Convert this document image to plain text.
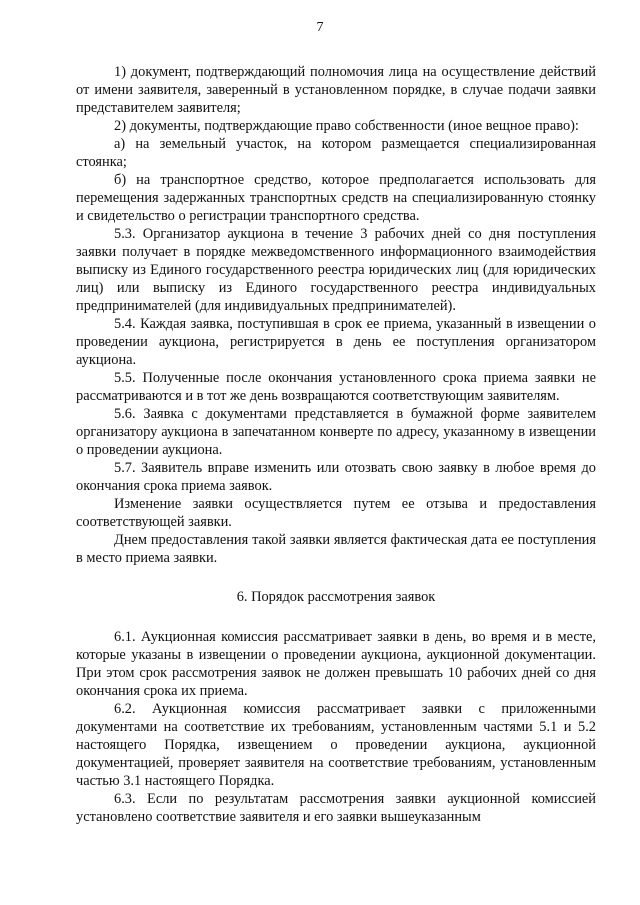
7

1) документ, подтверждающий полномочия лица на осуществление действий от имени заявителя, заверенный в установленном порядке, в случае подачи заявки представителем заявителя;

2) документы, подтверждающие право собственности (иное вещное право):

а) на земельный участок, на котором размещается специализированная стоянка;

б) на транспортное средство, которое предполагается использовать для перемещения задержанных транспортных средств на специализированную стоянку и свидетельство о регистрации транспортного средства.

5.3. Организатор аукциона в течение 3 рабочих дней со дня поступления заявки получает в порядке межведомственного информационного взаимодействия выписку из Единого государственного реестра юридических лиц (для юридических лиц) или выписку из Единого государственного реестра индивидуальных предпринимателей (для индивидуальных предпринимателей).

5.4. Каждая заявка, поступившая в срок ее приема, указанный в извещении о проведении аукциона, регистрируется в день ее поступления организатором аукциона.

5.5. Полученные после окончания установленного срока приема заявки не рассматриваются и в тот же день возвращаются соответствующим заявителям.

5.6. Заявка с документами представляется в бумажной форме заявителем организатору аукциона в запечатанном конверте по адресу, указанному в извещении о проведении аукциона.

5.7. Заявитель вправе изменить или отозвать свою заявку в любое время до окончания срока приема заявок.

Изменение заявки осуществляется путем ее отзыва и предоставления соответствующей заявки.

Днем предоставления такой заявки является фактическая дата ее поступления в место приема заявки.

6. Порядок рассмотрения заявок

6.1. Аукционная комиссия рассматривает заявки в день, во время и в месте, которые указаны в извещении о проведении аукциона, аукционной документации. При этом срок рассмотрения заявок не должен превышать 10 рабочих дней со дня окончания срока их приема.

6.2. Аукционная комиссия рассматривает заявки с приложенными документами на соответствие их требованиям, установленным частями 5.1 и 5.2 настоящего Порядка, извещением о проведении аукциона, аукционной документацией, проверяет заявителя на соответствие требованиям, установленным частью 3.1 настоящего Порядка.

6.3. Если по результатам рассмотрения заявки аукционной комиссией установлено соответствие заявителя и его заявки вышеуказанным
